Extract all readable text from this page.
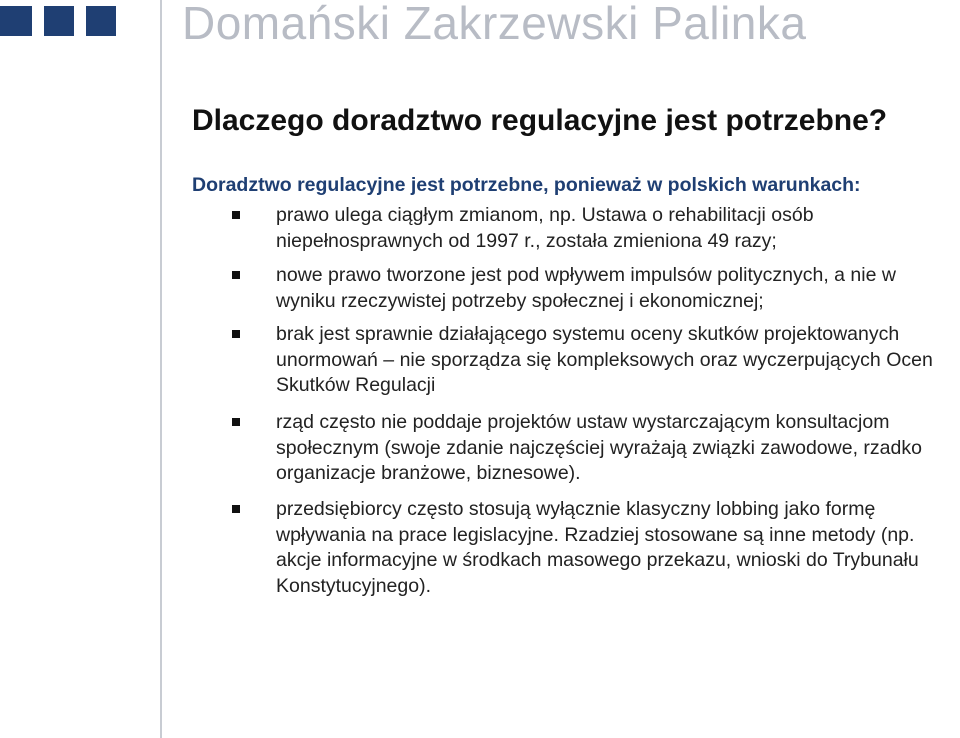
Domański Zakrzewski Palinka
Dlaczego doradztwo regulacyjne jest potrzebne?

Doradztwo regulacyjne jest potrzebne, ponieważ w polskich warunkach:

prawo ulega ciągłym zmianom, np. Ustawa o rehabilitacji osób niepełnosprawnych od 1997 r., została zmieniona 49 razy;

nowe prawo tworzone jest pod wpływem impulsów politycznych, a nie w wyniku rzeczywistej potrzeby społecznej i ekonomicznej;

brak jest sprawnie działającego systemu oceny skutków projektowanych unormowań – nie sporządza się kompleksowych oraz wyczerpujących Ocen Skutków Regulacji

rząd często nie poddaje projektów ustaw wystarczającym konsultacjom społecznym (swoje zdanie najczęściej wyrażają związki zawodowe, rzadko organizacje branżowe, biznesowe).

przedsiębiorcy często stosują wyłącznie klasyczny lobbing jako formę wpływania na prace legislacyjne. Rzadziej stosowane są inne metody (np. akcje informacyjne w środkach masowego przekazu, wnioski do Trybunału Konstytucyjnego).
